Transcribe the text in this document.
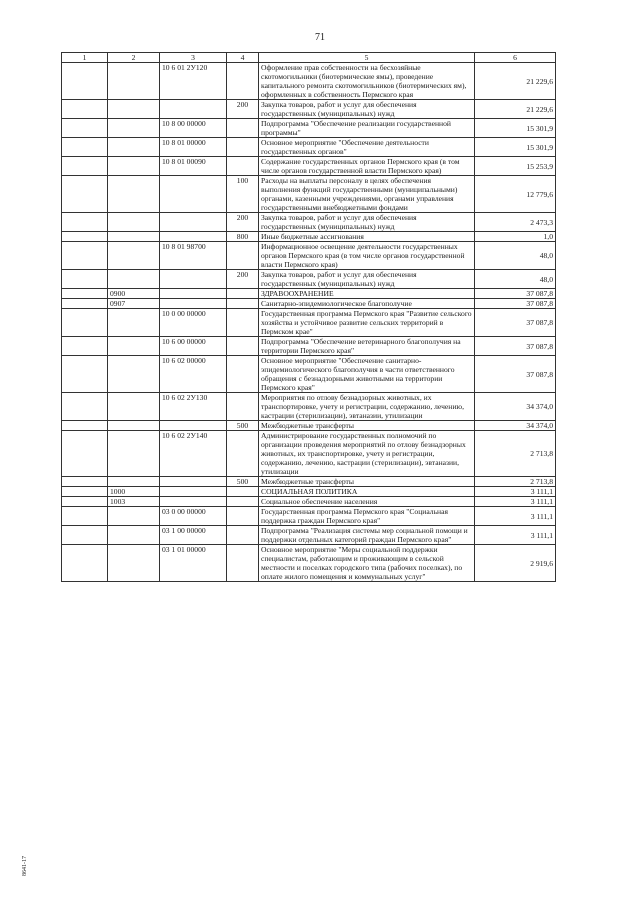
71
1	2	3	4	5	6
		10 6 01 2У120		Оформление прав собственности на бесхозяйные скотомогильники (биотермические ямы), проведение капитального ремонта скотомогильников (биотермических ям), оформленных в собственность Пермского края	21 229,6
			200	Закупка товаров, работ и услуг для обеспечения государственных (муниципальных) нужд	21 229,6
		10 8 00 00000		Подпрограмма "Обеспечение реализации государственной программы"	15 301,9
		10 8 01 00000		Основное мероприятие "Обеспечение деятельности государственных органов"	15 301,9
		10 8 01 00090		Содержание государственных органов Пермского края (в том числе органов государственной власти Пермского края)	15 253,9
			100	Расходы на выплаты персоналу в целях обеспечения выполнения функций государственными (муниципальными) органами, казенными учреждениями, органами управления государственными внебюджетными фондами	12 779,6
			200	Закупка товаров, работ и услуг для обеспечения государственных (муниципальных) нужд	2 473,3
			800	Иные бюджетные ассигнования	1,0
		10 8 01 98700		Информационное освещение деятельности государственных органов Пермского края (в том числе органов государственной власти Пермского края)	48,0
			200	Закупка товаров, работ и услуг для обеспечения государственных (муниципальных) нужд	48,0
	0900			ЗДРАВООХРАНЕНИЕ	37 087,8
	0907			Санитарно-эпидемиологическое благополучие	37 087,8
		10 0 00 00000		Государственная программа Пермского края "Развитие сельского хозяйства и устойчивое развитие сельских территорий в Пермском крае"	37 087,8
		10 6 00 00000		Подпрограмма "Обеспечение ветеринарного благополучия на территории Пермского края"	37 087,8
		10 6 02 00000		Основное мероприятие "Обеспечение санитарно-эпидемиологического благополучия в части ответственного обращения с безнадзорными животными на территории Пермского края"	37 087,8
		10 6 02 2У130		Мероприятия по отлову безнадзорных животных, их транспортировке, учету и регистрации, содержанию, лечению, кастрации (стерилизации), эвтаназии, утилизации	34 374,0
			500	Межбюджетные трансферты	34 374,0
		10 6 02 2У140		Администрирование государственных полномочий по организации проведения мероприятий по отлову безнадзорных животных, их транспортировке, учету и регистрации, содержанию, лечению, кастрации (стерилизации), эвтаназии, утилизации	2 713,8
			500	Межбюджетные трансферты	2 713,8
	1000			СОЦИАЛЬНАЯ ПОЛИТИКА	3 111,1
	1003			Социальное обеспечение населения	3 111,1
		03 0 00 00000		Государственная программа Пермского края "Социальная поддержка граждан Пермского края"	3 111,1
		03 1 00 00000		Подпрограмма "Реализация системы мер социальной помощи и поддержки отдельных категорий граждан Пермского края"	3 111,1
		03 1 01 00000		Основное мероприятие "Меры социальной поддержки специалистам, работающим и проживающим в сельской местности и поселках городского типа (рабочих поселках), по оплате жилого помещения и коммунальных услуг"	2 919,6
8641-17
